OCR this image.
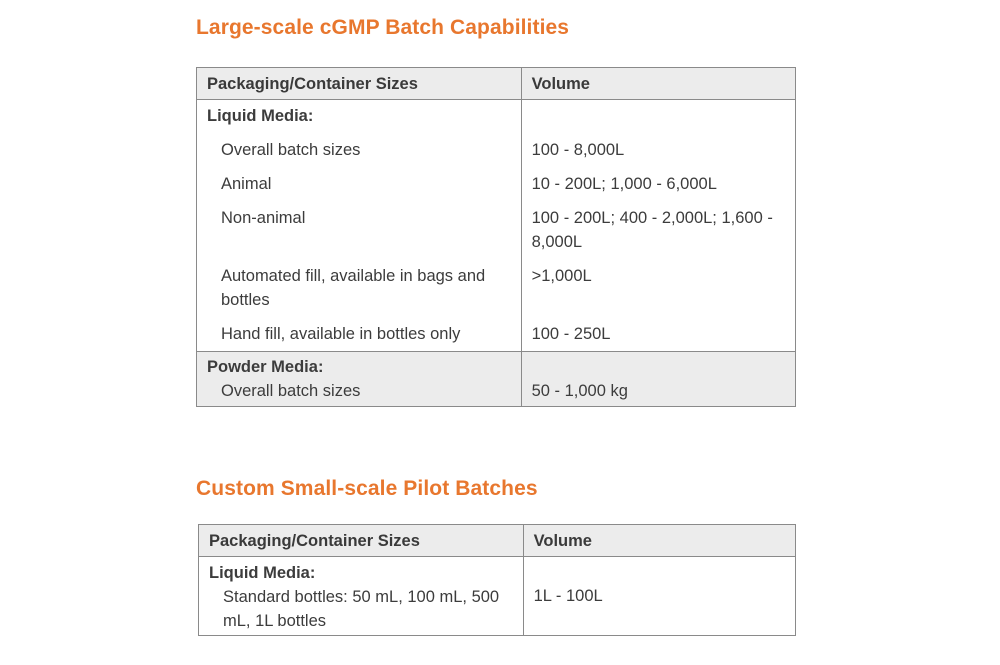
Large-scale cGMP Batch Capabilities
Packaging/Container Sizes	Volume
Liquid Media:	
Overall batch sizes	100 - 8,000L
Animal	10 - 200L; 1,000 - 6,000L
Non-animal	100 - 200L; 400 - 2,000L; 1,600 - 8,000L
Automated fill, available in bags and bottles	>1,000L
Hand fill, available in bottles only	100 - 250L

Powder Media:
Overall batch sizes	50 - 1,000 kg
Custom Small-scale Pilot Batches
Packaging/Container Sizes	Volume

Liquid Media:
Standard bottles: 50 mL, 100 mL, 500 mL, 1L bottles	1L - 100L
